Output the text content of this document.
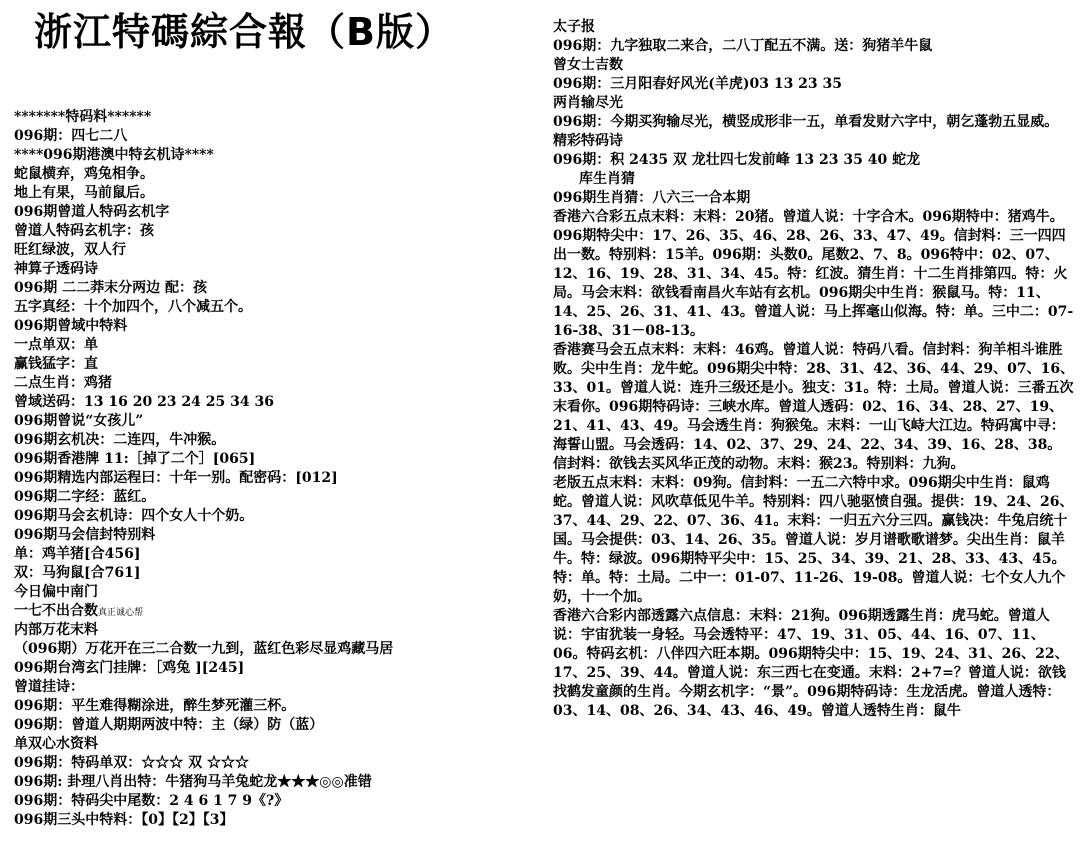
浙江特碼綜合報（B版）
*******特码料******
096期：四七二八
****096期港澳中特玄机诗****
蛇鼠横弃，鸡兔相争。
地上有果，马前鼠后。
096期曾道人特码玄机字
曾道人特码玄机字：孩
旺红绿波，双人行
神算子透码诗
096期 二二莽末分两边 配：孩
五字真经：十个加四个，八个减五个。
096期曾域中特料
一点单双：单
赢钱猛字：直
二点生肖：鸡猪
曾域送码：13 16 20 23 24 25 34 36
096期曾说“女孩儿”
096期玄机决：二连四，牛冲猴。
096期香港牌 11:［掉了二个］[065]
096期精选内部运程曰：十年一别。配密码：[012]
096期二字经：蓝红。
096期马会玄机诗：四个女人十个奶。
096期马会信封特别料
单：鸡羊猪[合456]
双：马狗鼠[合761]
今日偏中南门
一七不出合数真正诚心帮
内部万花末料
（096期）万花开在三二合数一九到，蓝红色彩尽显鸡藏马居
096期台湾玄门挂牌：［鸡兔 ][245]
曾道挂诗：
096期：平生难得糊涂进，醉生梦死灌三杯。
096期：曾道人期期两波中特：主（绿）防（蓝）
单双心水资料
096期：特码单双：☆☆☆ 双 ☆☆☆
096期: 卦理八肖出特：牛猪狗马羊兔蛇龙★★★◎◎准错
096期：特码尖中尾数：2 4 6 1 7 9《?》
096期三头中特料：【0】【2】【3】
太子报
096期：九字独取二来合，二八丁配五不满。送：狗猪羊牛鼠
曾女士吉数
096期：三月阳春好风光(羊虎)03 13 23 35
两肖输尽光
096期：今期买狗输尽光，横竖成形非一五，单看发财六字中，朝乞蓬勃五显威。
精彩特码诗
096期：积 2435 双 龙壮四七发前峰 13 23 35 40 蛇龙
库生肖猜
096期生肖猜：八六三一合本期
香港六合彩五点末料：末料：20猪。曾道人说：十字合木。096期特中：猪鸡牛。096期特尖中：17、26、35、46、28、26、33、47、49。信封料：三一四四出一数。特别料：15羊。096期：头数0。尾数2、7、8。096特中：02、07、12、16、19、28、31、34、45。特：红波。猜生肖：十二生肖排第四。特：火局。马会末料：欲钱看南昌火车站有玄机。096期尖中生肖：猴鼠马。特：11、14、25、26、31、41、43。曾道人说：马上挥毫山似海。特：单。三中二：07-16-38、31－08-13。
香港赛马会五点末料：末料：46鸡。曾道人说：特码八看。信封料：狗羊相斗谁胜败。尖中生肖：龙牛蛇。096期尖中特：28、31、42、36、44、29、07、16、33、01。曾道人说：连升三级还是小。独支：31。特：土局。曾道人说：三番五次末看你。096期特码诗：三峡水库。曾道人透码：02、16、34、28、27、19、21、41、43、49。马会透生肖：狗猴兔。末料：一山飞峙大江边。特码寓中寻：海誓山盟。马会透码：14、02、37、29、24、22、34、39、16、28、38。信封料：欲钱去买风华正茂的动物。末料：猴23。特别料：九狗。
老版五点末料：末料：09狗。信封料：一五二六特中求。096期尖中生肖：鼠鸡蛇。曾道人说：风吹草低见牛羊。特别料：四八驰驱愤自强。提供：19、24、26、37、44、29、22、07、36、41。末料：一归五六分三四。赢钱决：牛兔启统十国。马会提供：03、14、26、35。曾道人说：岁月谱歌歌谱梦。尖出生肖：鼠羊牛。特：绿波。096期特平尖中：15、25、34、39、21、28、33、43、45。特：单。特：土局。二中一：01-07、11-26、19-08。曾道人说：七个女人九个奶，十一个加。
香港六合彩内部透露六点信息：末料：21狗。096期透露生肖：虎马蛇。曾道人说：宇宙犹装一身轻。马会透特平：47、19、31、05、44、16、07、11、06。特码玄机：八伴四六旺本期。096期特尖中：15、19、24、31、26、22、17、25、39、44。曾道人说：东三西七在变通。末料：2+7=？曾道人说：欲钱找鹤发童颜的生肖。今期玄机字：“景”。096期特码诗：生龙活虎。曾道人透特：03、14、08、26、34、43、46、49。曾道人透特生肖：鼠牛
